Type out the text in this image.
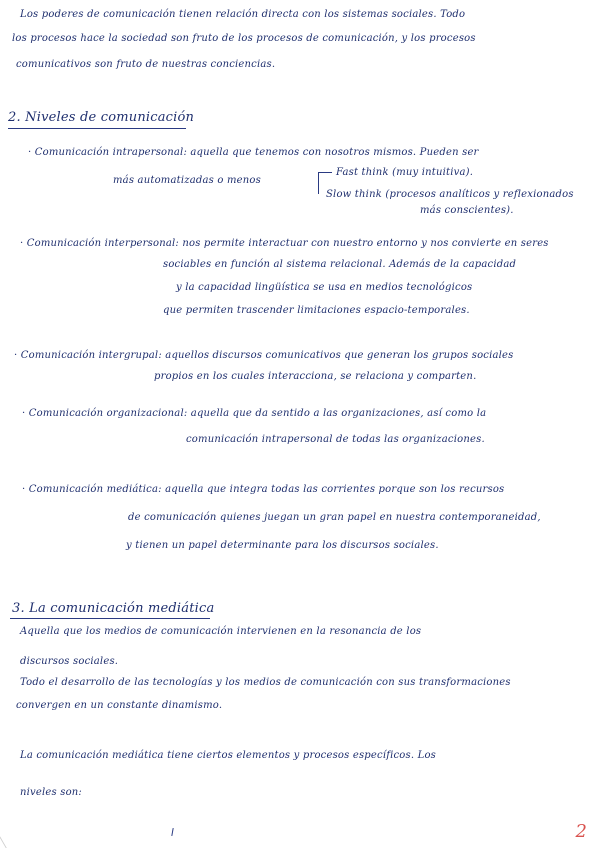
Los poderes de comunicación tienen relación directa con los sistemas sociales. Todo
los procesos hace la sociedad son fruto de los procesos de comunicación, y los procesos
comunicativos son fruto de nuestras conciencias.
2. Niveles de comunicación
· Comunicación intrapersonal: aquella que tenemos con nosotros mismos. Pueden ser
más automatizadas o menos
Fast think (muy intuitiva).
Slow think (procesos analíticos y reflexionados
más conscientes).
· Comunicación interpersonal: nos permite interactuar con nuestro entorno y nos convierte en seres
sociables en función al sistema relacional. Además de la capacidad
y la capacidad lingüística se usa en medios tecnológicos
que permiten trascender limitaciones espacio-temporales.
· Comunicación intergrupal: aquellos discursos comunicativos que generan los grupos sociales
propios en los cuales interacciona, se relaciona y comparten.
· Comunicación organizacional: aquella que da sentido a las organizaciones, así como la
comunicación intrapersonal de todas las organizaciones.
· Comunicación mediática: aquella que integra todas las corrientes porque son los recursos
de comunicación quienes juegan un gran papel en nuestra contemporaneidad,
y tienen un papel determinante para los discursos sociales.
3. La comunicación mediática
Aquella que los medios de comunicación intervienen en la resonancia de los
discursos sociales.
Todo el desarrollo de las tecnologías y los medios de comunicación con sus transformaciones
convergen en un constante dinamismo.
La comunicación mediática tiene ciertos elementos y procesos específicos. Los
niveles son:
2
